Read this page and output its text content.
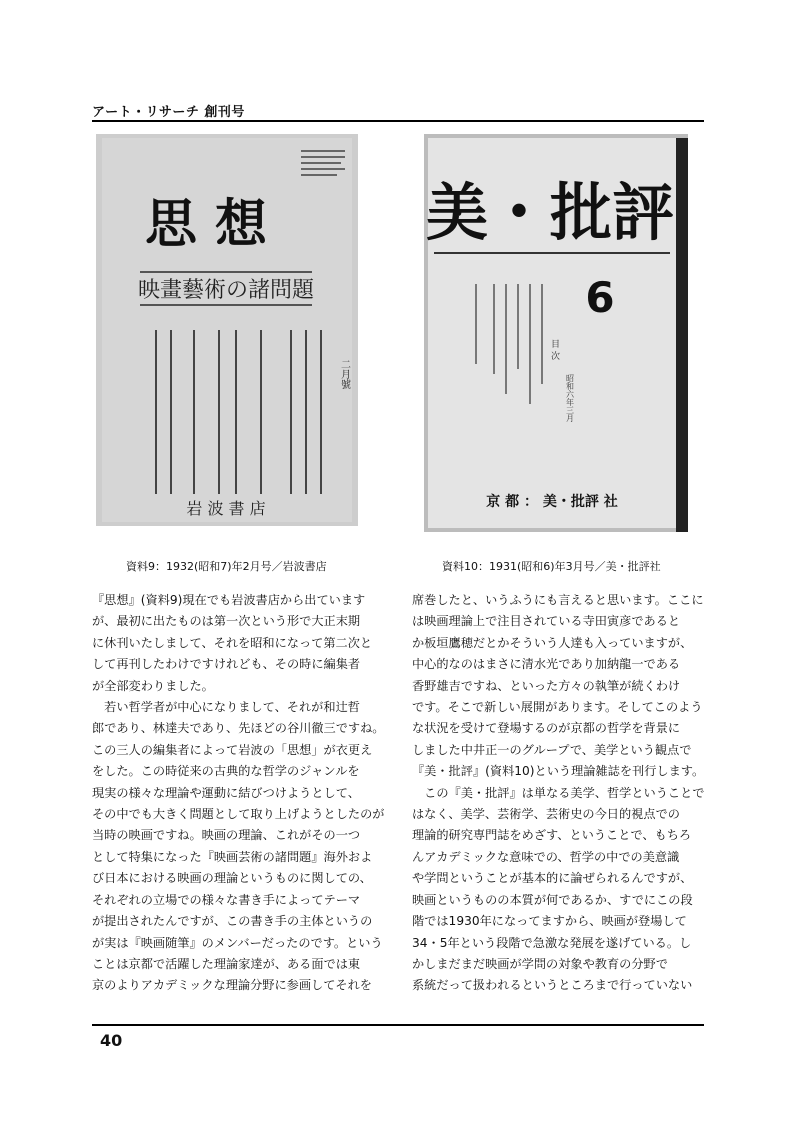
アート・リサーチ 創刊号
思 想
映畫藝術の諸問題
二月號
岩 波 書 店
美・批評
6
目 次
昭和六年三月
京 都 ： 美・批評 社
資料9：1932(昭和7)年2月号／岩波書店	資料10：1931(昭和6)年3月号／美・批評社

『思想』(資料9)現在でも岩波書店から出ています

が、最初に出たものは第一次という形で大正末期

に休刊いたしまして、それを昭和になって第二次と

して再刊したわけですけれども、その時に編集者

が全部変わりました。

　若い哲学者が中心になりまして、それが和辻哲

郎であり、林達夫であり、先ほどの谷川徹三ですね。

この三人の編集者によって岩波の「思想」が衣更え

をした。この時従来の古典的な哲学のジャンルを

現実の様々な理論や運動に結びつけようとして、

その中でも大きく問題として取り上げようとしたのが

当時の映画ですね。映画の理論、これがその一つ

として特集になった『映画芸術の諸問題』海外およ

び日本における映画の理論というものに関しての、

それぞれの立場での様々な書き手によってテーマ

が提出されたんですが、この書き手の主体というの

が実は『映画随筆』のメンバーだったのです。という

ことは京都で活躍した理論家達が、ある面では東

京のよりアカデミックな理論分野に参画してそれを

席巻したと、いうふうにも言えると思います。ここに

は映画理論上で注目されている寺田寅彦であると

か板垣鷹穂だとかそういう人達も入っていますが、

中心的なのはまさに清水光であり加納龍一である

香野雄吉ですね、といった方々の執筆が続くわけ

です。そこで新しい展開があります。そしてこのよう

な状況を受けて登場するのが京都の哲学を背景に

しました中井正一のグループで、美学という観点で

『美・批評』(資料10)という理論雑誌を刊行します。

　この『美・批評』は単なる美学、哲学ということで

はなく、美学、芸術学、芸術史の今日的視点での

理論的研究専門誌をめざす、ということで、もちろ

んアカデミックな意味での、哲学の中での美意識

や学問ということが基本的に論ぜられるんですが、

映画というものの本質が何であるか、すでにこの段

階では1930年になってますから、映画が登場して

34・5年という段階で急激な発展を遂げている。し

かしまだまだ映画が学問の対象や教育の分野で

系統だって扱われるというところまで行っていない

40
